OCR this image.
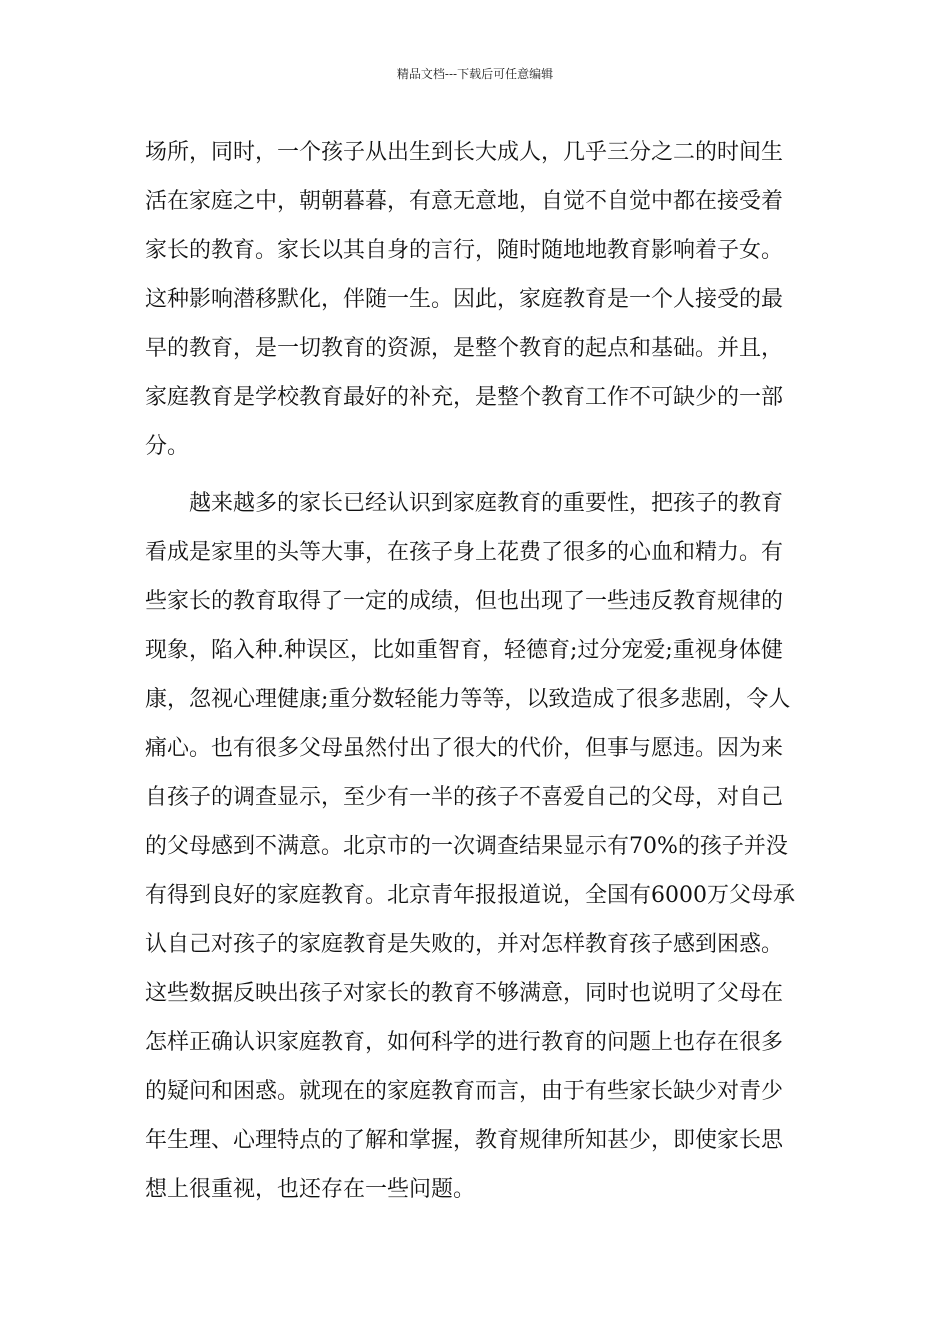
精品文档---下载后可任意编辑
场所，同时，一个孩子从出生到长大成人，几乎三分之二的时间生
活在家庭之中，朝朝暮暮，有意无意地，自觉不自觉中都在接受着
家长的教育。家长以其自身的言行，随时随地地教育影响着子女。
这种影响潜移默化，伴随一生。因此，家庭教育是一个人接受的最
早的教育，是一切教育的资源，是整个教育的起点和基础。并且，
家庭教育是学校教育最好的补充，是整个教育工作不可缺少的一部
分。
　　越来越多的家长已经认识到家庭教育的重要性，把孩子的教育
看成是家里的头等大事，在孩子身上花费了很多的心血和精力。有
些家长的教育取得了一定的成绩，但也出现了一些违反教育规律的
现象，陷入种.种误区，比如重智育，轻德育;过分宠爱;重视身体健
康，忽视心理健康;重分数轻能力等等，以致造成了很多悲剧，令人
痛心。也有很多父母虽然付出了很大的代价，但事与愿违。因为来
自孩子的调查显示，至少有一半的孩子不喜爱自己的父母，对自己
的父母感到不满意。北京市的一次调查结果显示有70%的孩子并没
有得到良好的家庭教育。北京青年报报道说，全国有6000万父母承
认自己对孩子的家庭教育是失败的，并对怎样教育孩子感到困惑。
这些数据反映出孩子对家长的教育不够满意，同时也说明了父母在
怎样正确认识家庭教育，如何科学的进行教育的问题上也存在很多
的疑问和困惑。就现在的家庭教育而言，由于有些家长缺少对青少
年生理、心理特点的了解和掌握，教育规律所知甚少，即使家长思
想上很重视，也还存在一些问题。
